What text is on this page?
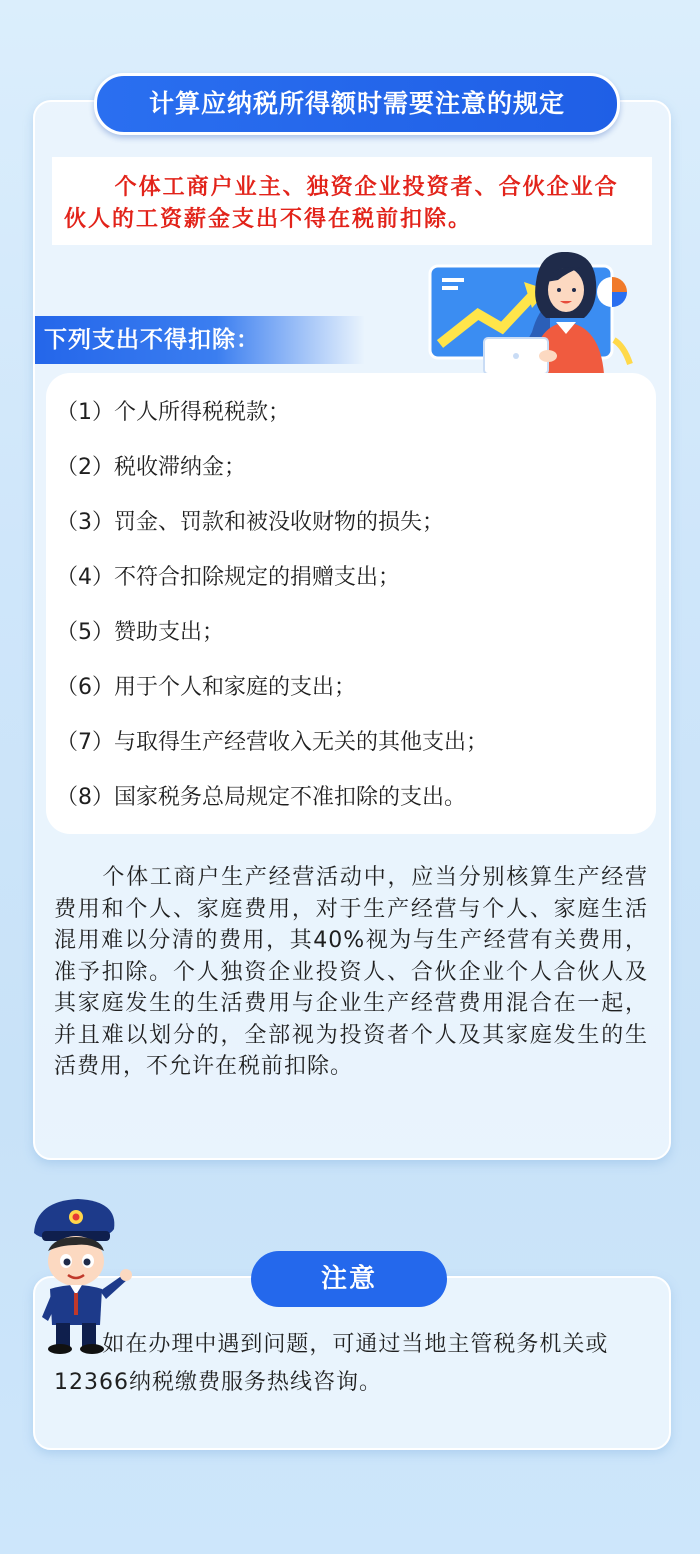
计算应纳税所得额时需要注意的规定
个体工商户业主、独资企业投资者、合伙企业合伙人的工资薪金支出不得在税前扣除。
下列支出不得扣除：
（1）个人所得税税款；
（2）税收滞纳金；
（3）罚金、罚款和被没收财物的损失；
（4）不符合扣除规定的捐赠支出；
（5）赞助支出；
（6）用于个人和家庭的支出；
（7）与取得生产经营收入无关的其他支出；
（8）国家税务总局规定不准扣除的支出。
个体工商户生产经营活动中，应当分别核算生产经营费用和个人、家庭费用，对于生产经营与个人、家庭生活混用难以分清的费用，其40%视为与生产经营有关费用，准予扣除。个人独资企业投资人、合伙企业个人合伙人及其家庭发生的生活费用与企业生产经营费用混合在一起，并且难以划分的，全部视为投资者个人及其家庭发生的生活费用，不允许在税前扣除。
注意
如在办理中遇到问题，可通过当地主管税务机关或12366纳税缴费服务热线咨询。
